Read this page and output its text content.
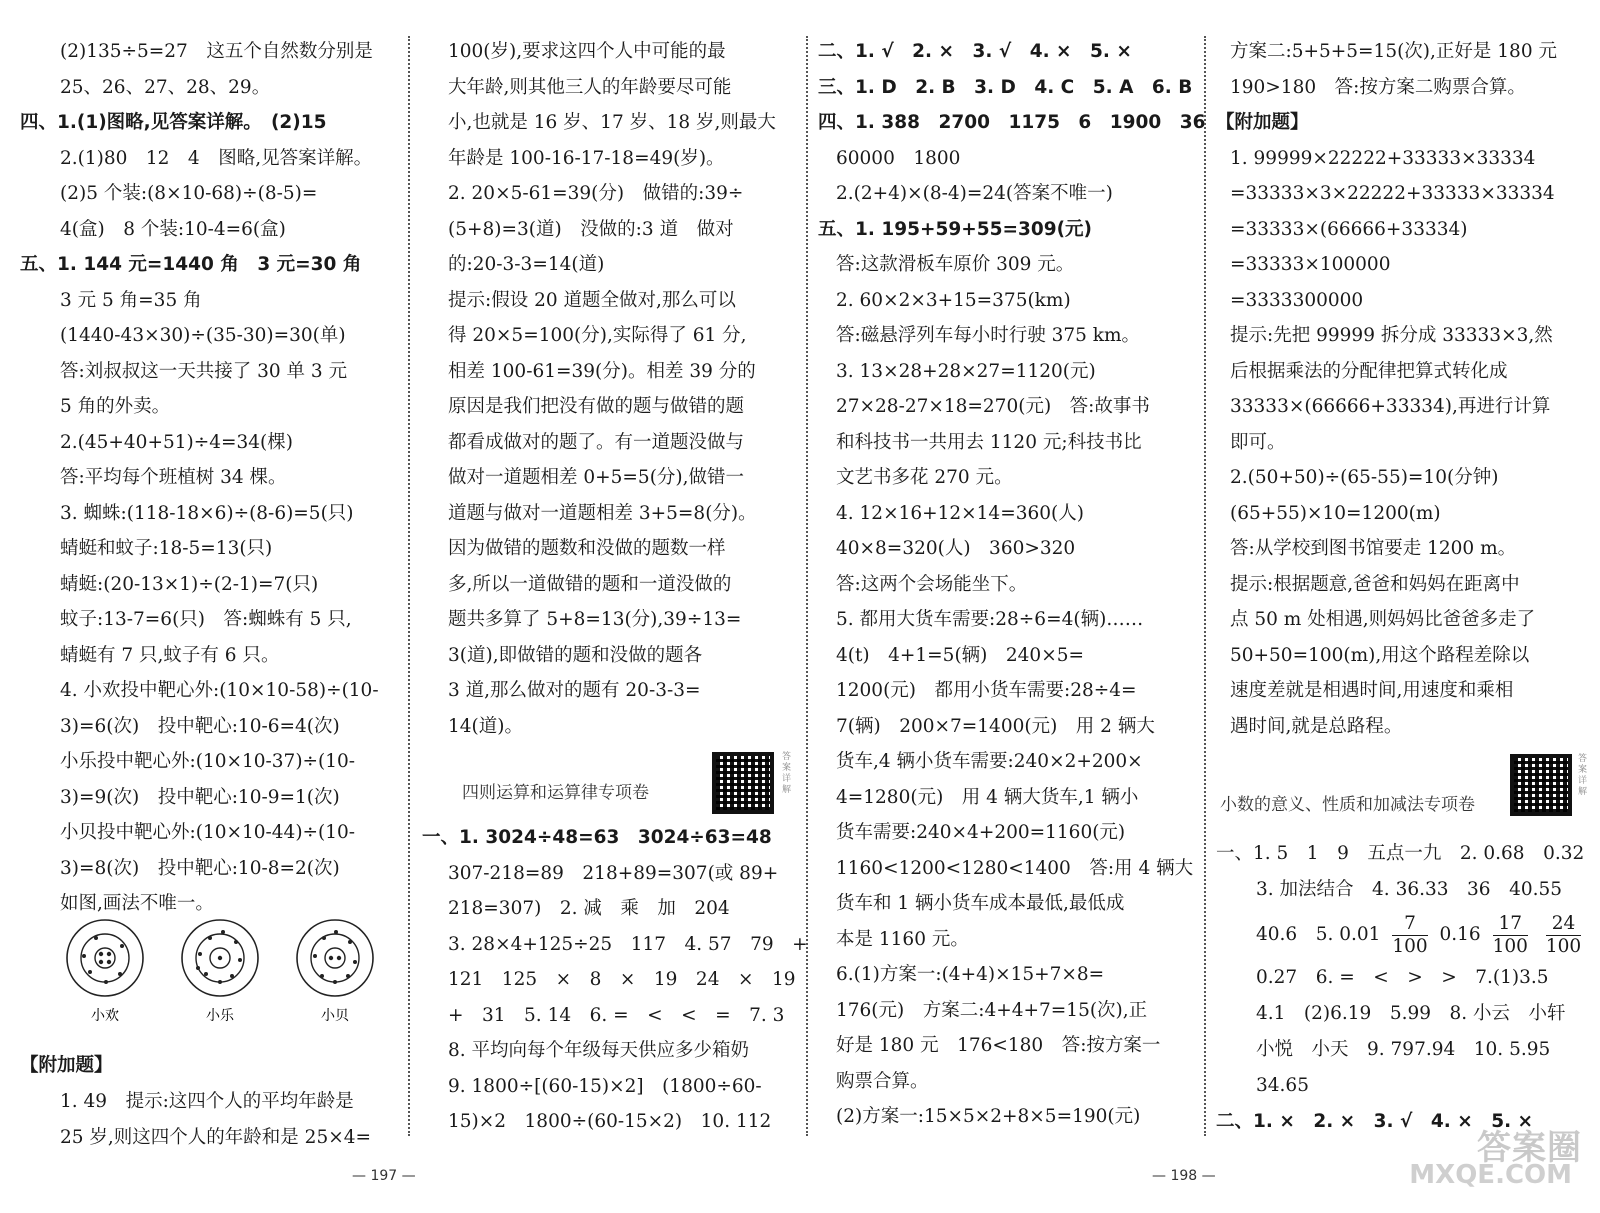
(2)135÷5=27　这五个自然数分别是
25、26、27、28、29。
四、1.(1)图略,见答案详解。　(2)15
2.(1)80　12　4　图略,见答案详解。
(2)5 个装:(8×10-68)÷(8-5)=
4(盒)　8 个装:10-4=6(盒)
五、1. 144 元=1440 角　3 元=30 角
3 元 5 角=35 角
(1440-43×30)÷(35-30)=30(单)
答:刘叔叔这一天共接了 30 单 3 元
5 角的外卖。
2.(45+40+51)÷4=34(棵)
答:平均每个班植树 34 棵。
3. 蜘蛛:(118-18×6)÷(8-6)=5(只)
蜻蜓和蚊子:18-5=13(只)
蜻蜓:(20-13×1)÷(2-1)=7(只)
蚊子:13-7=6(只)　答:蜘蛛有 5 只,
蜻蜓有 7 只,蚊子有 6 只。
4. 小欢投中靶心外:(10×10-58)÷(10-
3)=6(次)　投中靶心:10-6=4(次)
小乐投中靶心外:(10×10-37)÷(10-
3)=9(次)　投中靶心:10-9=1(次)
小贝投中靶心外:(10×10-44)÷(10-
3)=8(次)　投中靶心:10-8=2(次)
如图,画法不唯一。
小欢	小乐	小贝
【附加题】
1. 49　提示:这四个人的平均年龄是
25 岁,则这四个人的年龄和是 25×4=
100(岁),要求这四个人中可能的最
大年龄,则其他三人的年龄要尽可能
小,也就是 16 岁、17 岁、18 岁,则最大
年龄是 100-16-17-18=49(岁)。
2. 20×5-61=39(分)　做错的:39÷
(5+8)=3(道)　没做的:3 道　做对
的:20-3-3=14(道)
提示:假设 20 道题全做对,那么可以
得 20×5=100(分),实际得了 61 分,
相差 100-61=39(分)。相差 39 分的
原因是我们把没有做的题与做错的题
都看成做对的题了。有一道题没做与
做对一道题相差 0+5=5(分),做错一
道题与做对一道题相差 3+5=8(分)。
因为做错的题数和没做的题数一样
多,所以一道做错的题和一道没做的
题共多算了 5+8=13(分),39÷13=
3(道),即做错的题和没做的题各
3 道,那么做对的题有 20-3-3=
14(道)。
四则运算和运算律专项卷
答案详解
一、1. 3024÷48=63　3024÷63=48
307-218=89　218+89=307(或 89+
218=307)　2. 减　乘　加　204
3. 28×4+125÷25　117　4. 57　79　+
121　125　×　8　×　19　24　×　19
+　31　5. 14　6. =　<　<　=　7. 3
8. 平均向每个年级每天供应多少箱奶
9. 1800÷[(60-15)×2]　(1800÷60-
15)×2　1800÷(60-15×2)　10. 112
二、1. √　2. ×　3. √　4. ×　5. ×
三、1. D　2. B　3. D　4. C　5. A　6. B
四、1. 388　2700　1175　6　1900　36
60000　1800
2.(2+4)×(8-4)=24(答案不唯一)
五、1. 195+59+55=309(元)
答:这款滑板车原价 309 元。
2. 60×2×3+15=375(km)
答:磁悬浮列车每小时行驶 375 km。
3. 13×28+28×27=1120(元)
27×28-27×18=270(元)　答:故事书
和科技书一共用去 1120 元;科技书比
文艺书多花 270 元。
4. 12×16+12×14=360(人)
40×8=320(人)　360>320
答:这两个会场能坐下。
5. 都用大货车需要:28÷6=4(辆)……
4(t)　4+1=5(辆)　240×5=
1200(元)　都用小货车需要:28÷4=
7(辆)　200×7=1400(元)　用 2 辆大
货车,4 辆小货车需要:240×2+200×
4=1280(元)　用 4 辆大货车,1 辆小
货车需要:240×4+200=1160(元)
1160<1200<1280<1400　答:用 4 辆大
货车和 1 辆小货车成本最低,最低成
本是 1160 元。
6.(1)方案一:(4+4)×15+7×8=
176(元)　方案二:4+4+7=15(次),正
好是 180 元　176<180　答:按方案一
购票合算。
(2)方案一:15×5×2+8×5=190(元)
方案二:5+5+5=15(次),正好是 180 元
190>180　答:按方案二购票合算。
【附加题】
1. 99999×22222+33333×33334
=33333×3×22222+33333×33334
=33333×(66666+33334)
=33333×100000
=3333300000
提示:先把 99999 拆分成 33333×3,然
后根据乘法的分配律把算式转化成
33333×(66666+33334),再进行计算
即可。
2.(50+50)÷(65-55)=10(分钟)
(65+55)×10=1200(m)
答:从学校到图书馆要走 1200 m。
提示:根据题意,爸爸和妈妈在距离中
点 50 m 处相遇,则妈妈比爸爸多走了
50+50=100(m),用这个路程差除以
速度差就是相遇时间,用速度和乘相
遇时间,就是总路程。
小数的意义、性质和加减法专项卷
答案详解
一、1. 5　1　9　五点一九　2. 0.68　0.32
3. 加法结合　4. 36.33　36　40.55
40.6　5. $0.01 \frac{7}{100} 0.16 \frac{17}{100}$
$\frac{24}{100}$
0.27　6. =　<　>　>　7.(1)3.5
4.1　(2)6.19　5.99　8. 小云　小轩
小悦　小天　9. 797.94　10. 5.95
34.65
二、1. ×　2. ×　3. √　4. ×　5. ×
— 197 —
—	198 —
答案圈
MXQE.COM
